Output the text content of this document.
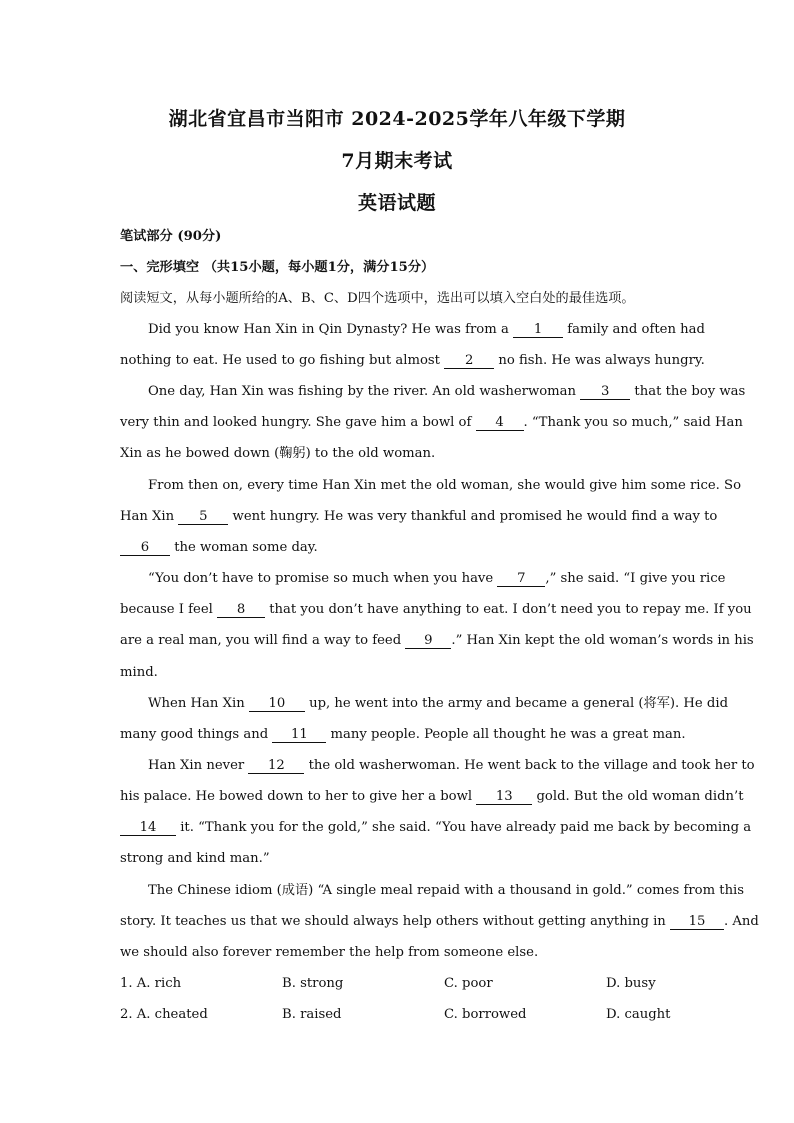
湖北省宜昌市当阳市 2024-2025学年八年级下学期
7月期末考试
英语试题
笔试部分 (90分)
一、完形填空 （共15小题，每小题1分，满分15分）
阅读短文，从每小题所给的A、B、C、D四个选项中，选出可以填入空白处的最佳选项。
Did you know Han Xin in Qin Dynasty? He was from a 1 family and often had
nothing to eat. He used to go fishing but almost 2 no fish. He was always hungry.
One day, Han Xin was fishing by the river. An old washerwoman 3 that the boy was
very thin and looked hungry. She gave him a bowl of 4 . “Thank you so much,” said Han
Xin as he bowed down (鞠躬) to the old woman.
From then on, every time Han Xin met the old woman, she would give him some rice. So
Han Xin 5 went hungry. He was very thankful and promised he would find a way to
6 the woman some day.
“You don’t have to promise so much when you have 7 ,” she said. “I give you rice
because I feel 8 that you don’t have anything to eat. I don’t need you to repay me. If you
are a real man, you will find a way to feed 9 .” Han Xin kept the old woman’s words in his
mind.
When Han Xin 10 up, he went into the army and became a general (将军). He did
many good things and 11 many people. People all thought he was a great man.
Han Xin never 12 the old washerwoman. He went back to the village and took her to
his palace. He bowed down to her to give her a bowl 13 gold. But the old woman didn’t
14 it. “Thank you for the gold,” she said. “You have already paid me back by becoming a
strong and kind man.”
The Chinese idiom (成语) “A single meal repaid with a thousand in gold.” comes from this
story. It teaches us that we should always help others without getting anything in 15 . And
we should also forever remember the help from someone else.
1. A. rich	B. strong	C. poor	D. busy
2. A. cheated	B. raised	C. borrowed	D. caught
